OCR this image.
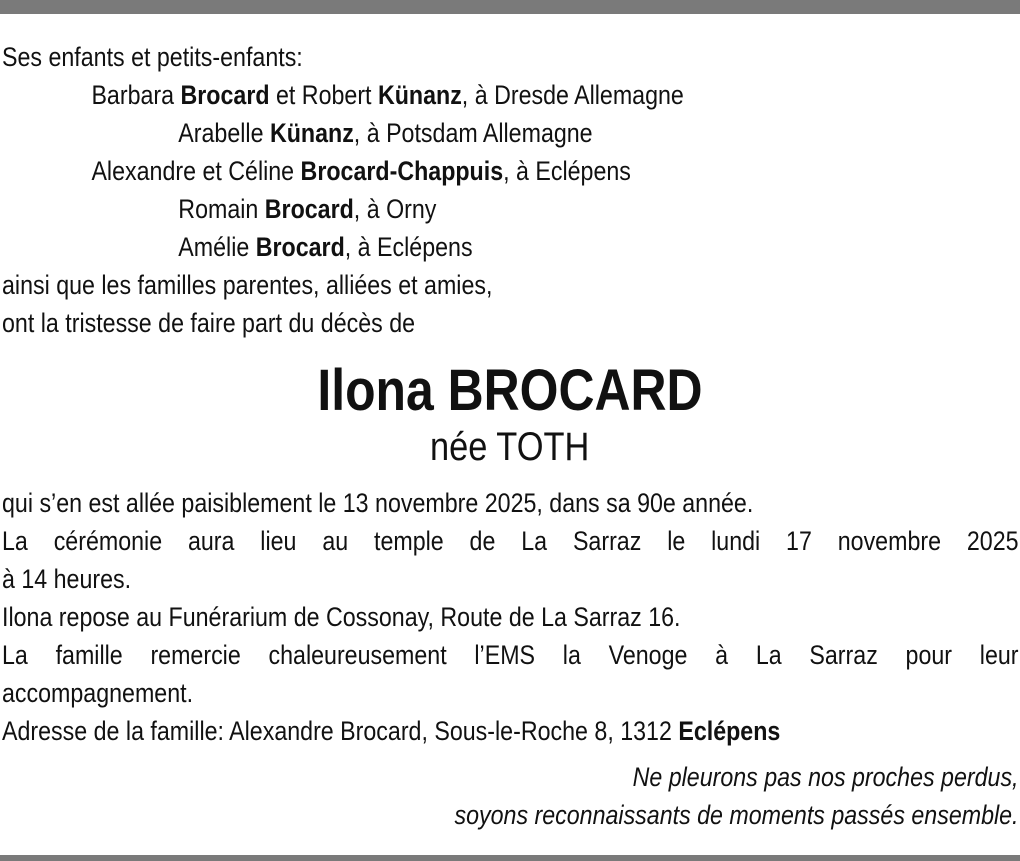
Ses enfants et petits-enfants:
Barbara Brocard et Robert Künanz, à Dresde Allemagne
Arabelle Künanz, à Potsdam Allemagne
Alexandre et Céline Brocard-Chappuis, à Eclépens
Romain Brocard, à Orny
Amélie Brocard, à Eclépens
ainsi que les familles parentes, alliées et amies,
ont la tristesse de faire part du décès de
Ilona BROCARD
née TOTH
qui s’en est allée paisiblement le 13 novembre 2025, dans sa 90e année.
La cérémonie aura lieu au temple de La Sarraz le lundi 17 novembre 2025
à 14 heures.
Ilona repose au Funérarium de Cossonay, Route de La Sarraz 16.
La famille remercie chaleureusement l’EMS la Venoge à La Sarraz pour leur
accompagnement.
Adresse de la famille: Alexandre Brocard, Sous-le-Roche 8, 1312 Eclépens
Ne pleurons pas nos proches perdus,
soyons reconnaissants de moments passés ensemble.
